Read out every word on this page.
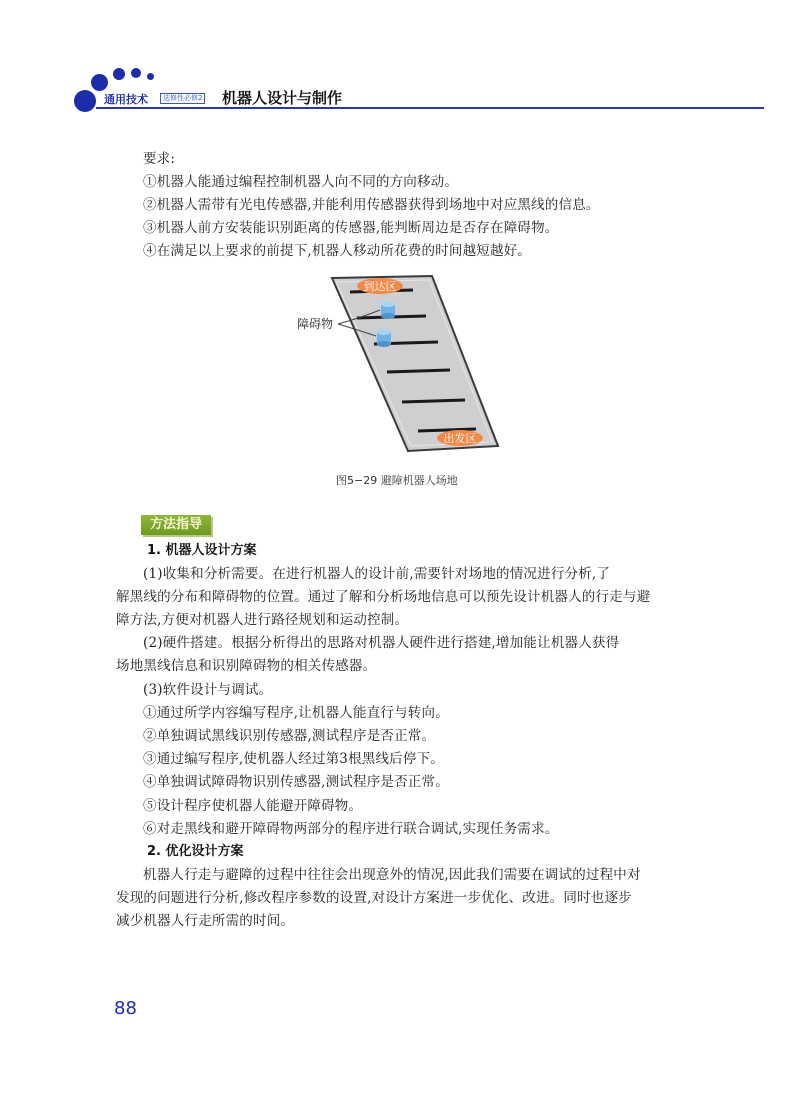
通用技术	选修性必修2 机器人设计与制作
要求:
①机器人能通过编程控制机器人向不同的方向移动。
②机器人需带有光电传感器,并能利用传感器获得到场地中对应黑线的信息。
③机器人前方安装能识别距离的传感器,能判断周边是否存在障碍物。
④在满足以上要求的前提下,机器人移动所花费的时间越短越好。
到达区
出发区
障碍物
图5−29 避障机器人场地
方法指导
1. 机器人设计方案
(1)收集和分析需要。在进行机器人的设计前,需要针对场地的情况进行分析,了
解黑线的分布和障碍物的位置。通过了解和分析场地信息可以预先设计机器人的行走与避
障方法,方便对机器人进行路径规划和运动控制。
(2)硬件搭建。根据分析得出的思路对机器人硬件进行搭建,增加能让机器人获得
场地黑线信息和识别障碍物的相关传感器。
(3)软件设计与调试。
①通过所学内容编写程序,让机器人能直行与转向。
②单独调试黑线识别传感器,测试程序是否正常。
③通过编写程序,使机器人经过第3根黑线后停下。
④单独调试障碍物识别传感器,测试程序是否正常。
⑤设计程序使机器人能避开障碍物。
⑥对走黑线和避开障碍物两部分的程序进行联合调试,实现任务需求。
2. 优化设计方案
机器人行走与避障的过程中往往会出现意外的情况,因此我们需要在调试的过程中对
发现的问题进行分析,修改程序参数的设置,对设计方案进一步优化、改进。同时也逐步
减少机器人行走所需的时间。
88
